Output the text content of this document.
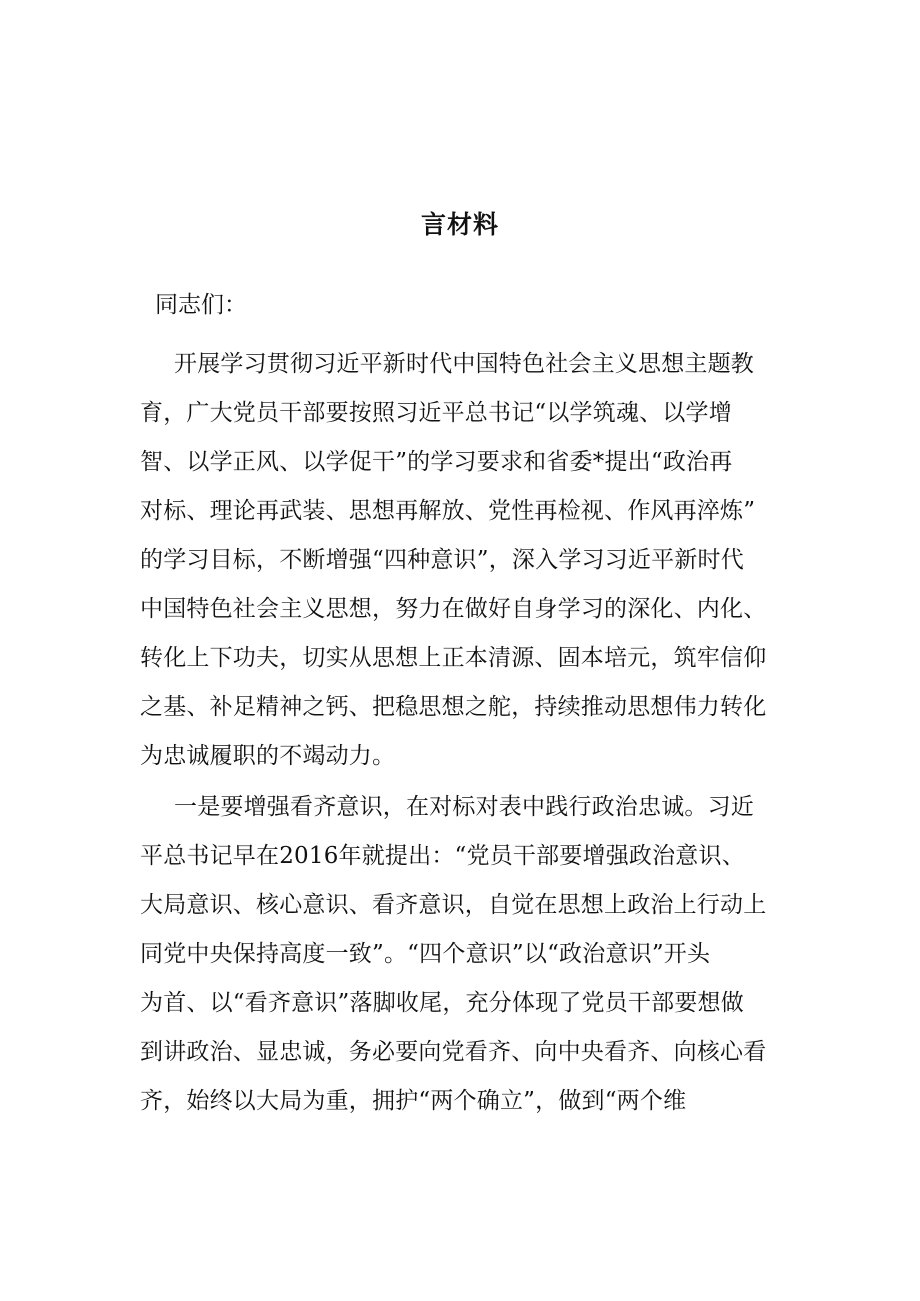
言材料
同志们：
开展学习贯彻习近平新时代中国特色社会主义思想主题教
育，广大党员干部要按照习近平总书记“以学筑魂、以学增
智、以学正风、以学促干”的学习要求和省委*提出“政治再
对标、理论再武装、思想再解放、党性再检视、作风再淬炼”
的学习目标，不断增强“四种意识”，深入学习习近平新时代
中国特色社会主义思想，努力在做好自身学习的深化、内化、
转化上下功夫，切实从思想上正本清源、固本培元，筑牢信仰
之基、补足精神之钙、把稳思想之舵，持续推动思想伟力转化
为忠诚履职的不竭动力。
一是要增强看齐意识，在对标对表中践行政治忠诚。习近
平总书记早在2016年就提出：“党员干部要增强政治意识、
大局意识、核心意识、看齐意识，自觉在思想上政治上行动上
同党中央保持高度一致”。“四个意识”以“政治意识”开头
为首、以“看齐意识”落脚收尾，充分体现了党员干部要想做
到讲政治、显忠诚，务必要向党看齐、向中央看齐、向核心看
齐，始终以大局为重，拥护“两个确立”，做到“两个维
